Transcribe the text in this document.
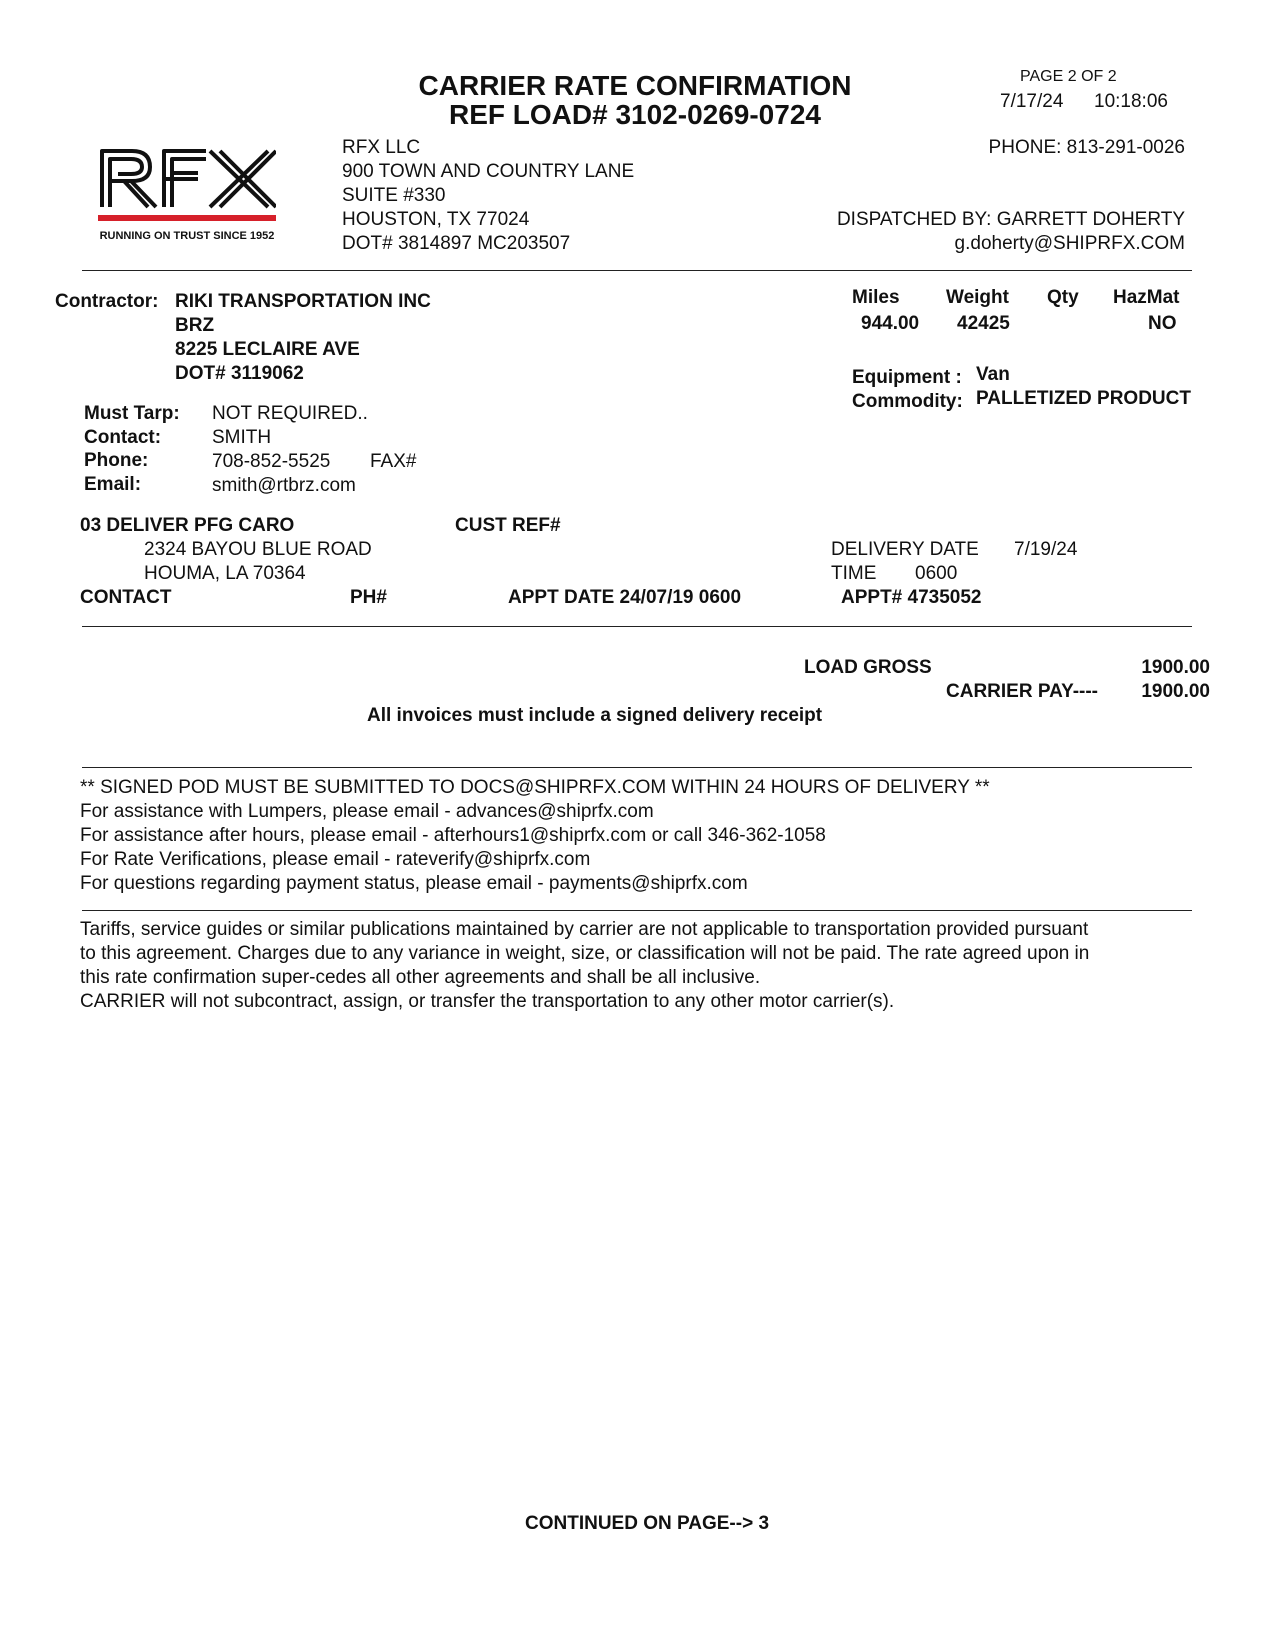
CARRIER RATE CONFIRMATION
REF LOAD# 3102-0269-0724
PAGE 2 OF 2
7/17/24 10:18:06
RUNNING ON TRUST SINCE 1952
RFX LLC
900 TOWN AND COUNTRY LANE
SUITE #330
HOUSTON, TX 77024
DOT# 3814897 MC203507
PHONE: 813-291-0026
DISPATCHED BY: GARRETT DOHERTY
g.doherty@SHIPRFX.COM
Contractor: RIKI TRANSPORTATION INC
BRZ
8225 LECLAIRE AVE
DOT# 3119062
Must Tarp: NOT REQUIRED..
Contact:	SMITH
Phone:	708-852-5525 FAX#
Email:	smith@rtbrz.com
Miles Weight Qty HazMat
944.00 42425	NO
Equipment : Van
Commodity: PALLETIZED PRODUCT
03 DELIVER PFG CARO	CUST REF#
2324 BAYOU BLUE ROAD
HOUMA, LA 70364
CONTACT	PH#	APPT DATE 24/07/19 0600
DELIVERY DATE 7/19/24
TIME 0600
APPT# 4735052
LOAD GROSS	1900.00
CARRIER PAY---- 1900.00
All invoices must include a signed delivery receipt
** SIGNED POD MUST BE SUBMITTED TO DOCS@SHIPRFX.COM WITHIN 24 HOURS OF DELIVERY **
For assistance with Lumpers, please email - advances@shiprfx.com
For assistance after hours, please email - afterhours1@shiprfx.com or call 346-362-1058
For Rate Verifications, please email - rateverify@shiprfx.com
For questions regarding payment status, please email - payments@shiprfx.com
Tariffs, service guides or similar publications maintained by carrier are not applicable to transportation provided pursuant
to this agreement. Charges due to any variance in weight, size, or classification will not be paid. The rate agreed upon in
this rate confirmation super-cedes all other agreements and shall be all inclusive.
CARRIER will not subcontract, assign, or transfer the transportation to any other motor carrier(s).
CONTINUED ON PAGE--> 3
